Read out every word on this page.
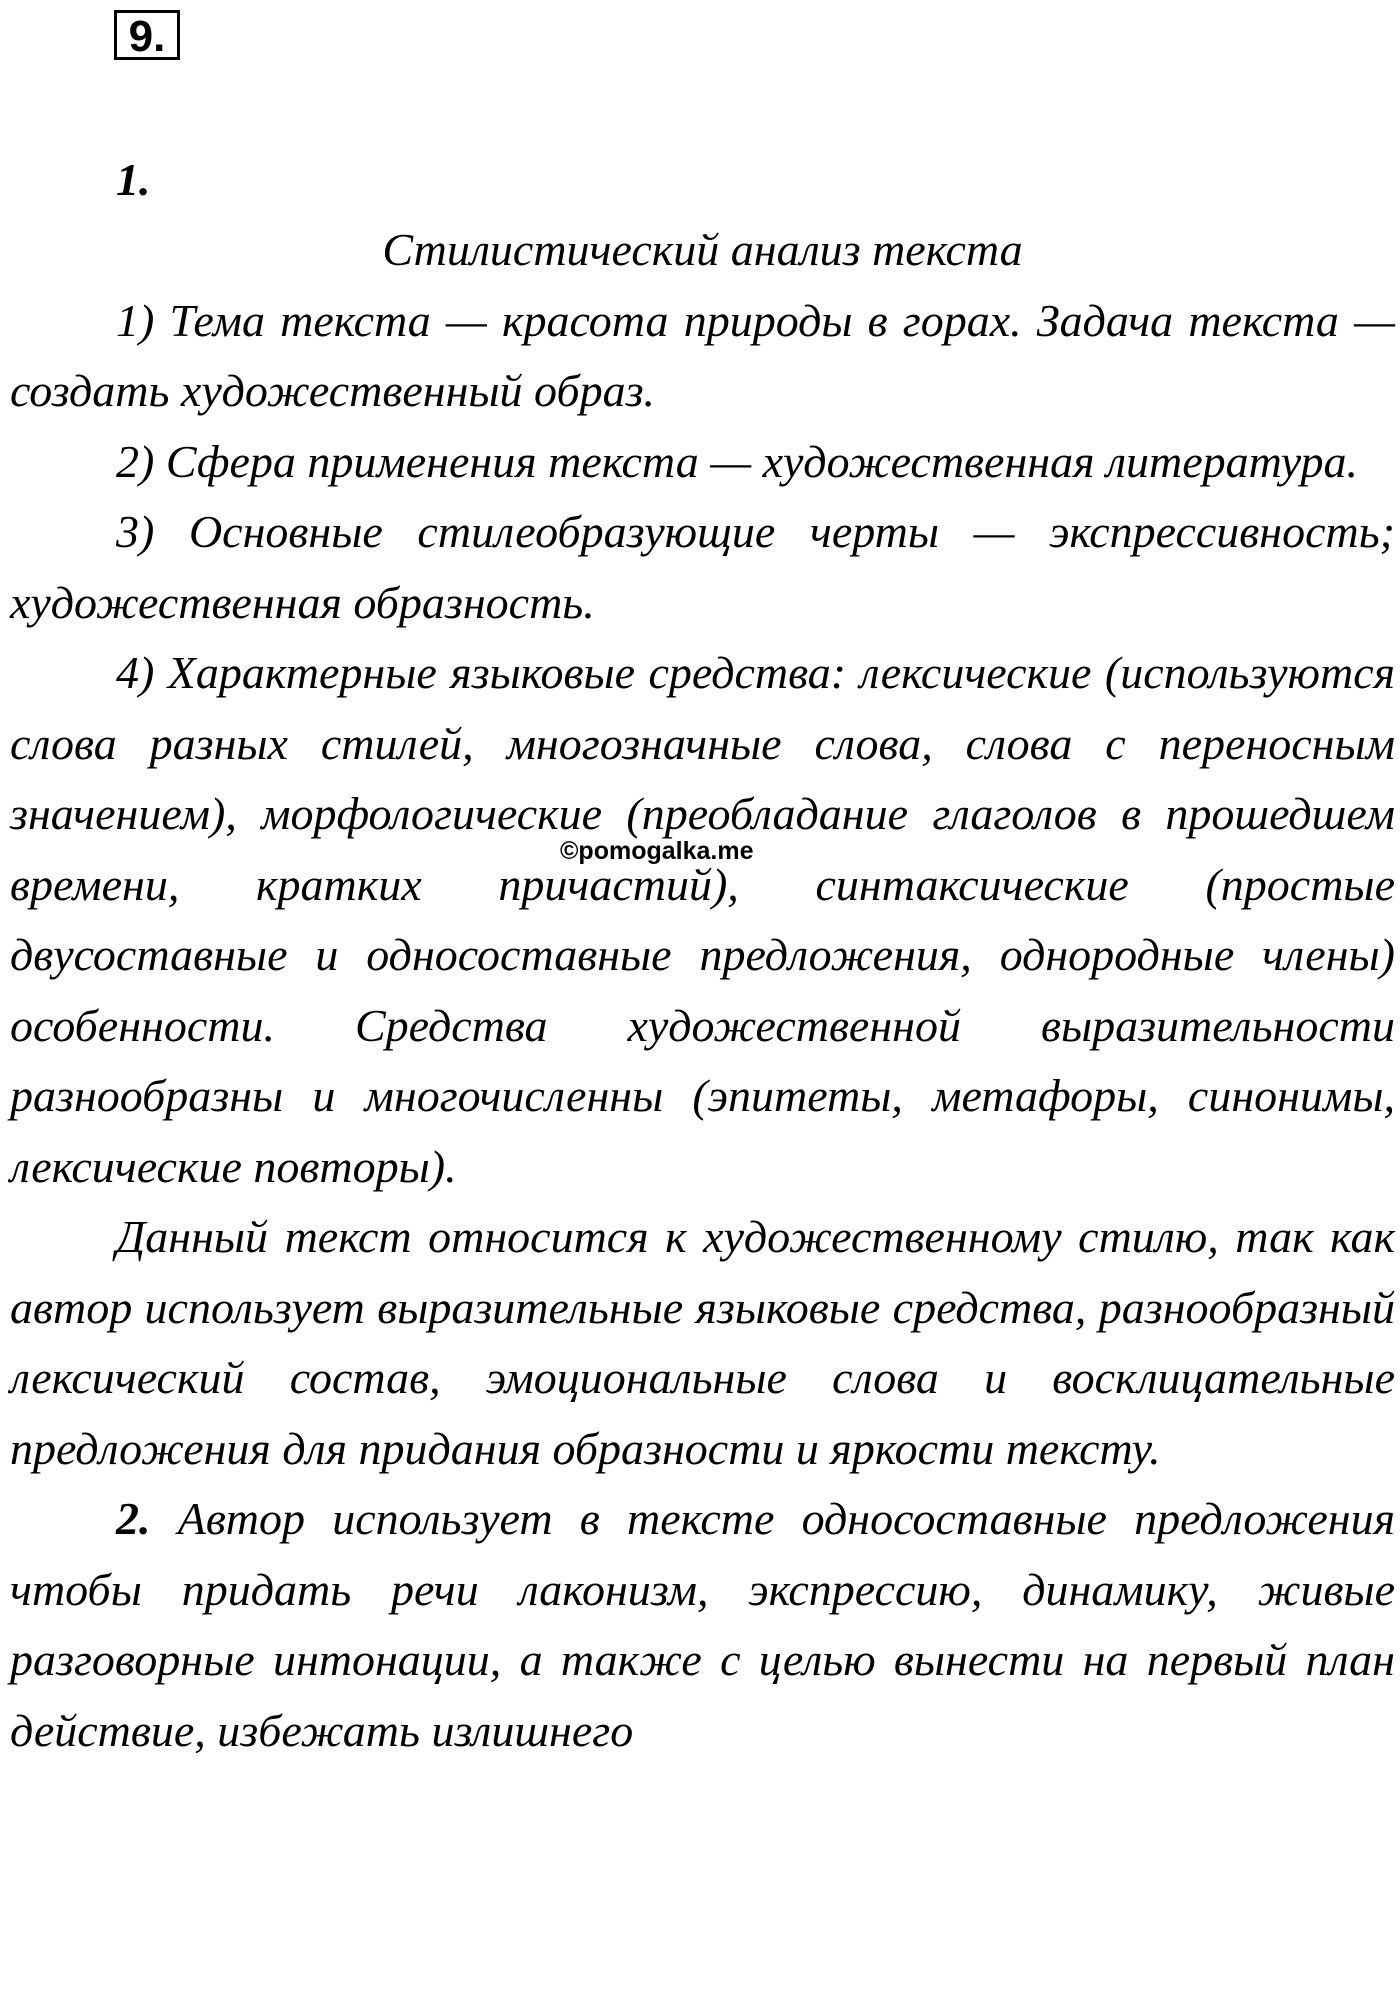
9.
1.

Стилистический анализ текста

1) Тема текста — красота природы в горах. Задача текста — создать художественный образ.

2) Сфера применения текста — художественная литература.

3) Основные стилеобразующие черты — экспрессивность; художественная образность.

4) Характерные языковые средства: лексические (используются слова разных стилей, многозначные слова, слова с переносным значением), морфологические (преобладание глаголов в прошедшем времени, кратких причастий), синтаксические (простые двусоставные и односоставные предложения, однородные члены) особенности. Средства художественной выразительности разнообразны и многочисленны (эпитеты, метафоры, синонимы, лексические повторы).

Данный текст относится к художественному стилю, так как автор использует выразительные языковые средства, разнообразный лексический состав, эмоциональные слова и восклицательные предложения для придания образности и яркости тексту.

2. Автор использует в тексте односоставные предложения чтобы придать речи лаконизм, экспрессию, динамику, живые разговорные интонации, а также с целью вынести на первый план действие, избежать излишнего

©pomogalka.me
